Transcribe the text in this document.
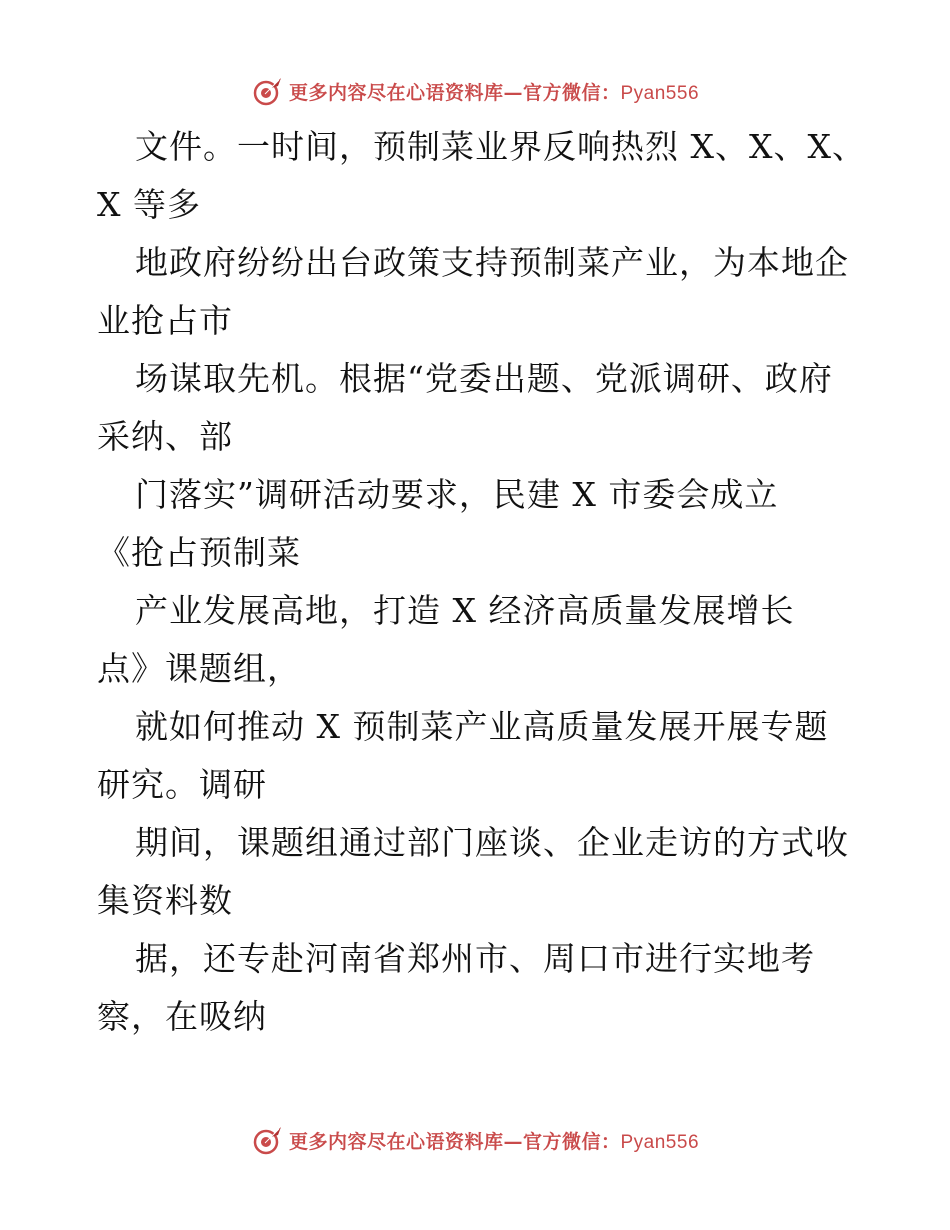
更多内容尽在心语资料库—官方微信：Pyan556
文件。一时间，预制菜业界反响热烈 X、X、X、
X 等多
地政府纷纷出台政策支持预制菜产业，为本地企
业抢占市
场谋取先机。根据“党委出题、党派调研、政府
采纳、部
门落实”调研活动要求，民建 X 市委会成立
《抢占预制菜
产业发展高地，打造 X 经济高质量发展增长
点》课题组，
就如何推动 X 预制菜产业高质量发展开展专题
研究。调研
期间，课题组通过部门座谈、企业走访的方式收
集资料数
据，还专赴河南省郑州市、周口市进行实地考
察，在吸纳
更多内容尽在心语资料库—官方微信：Pyan556
